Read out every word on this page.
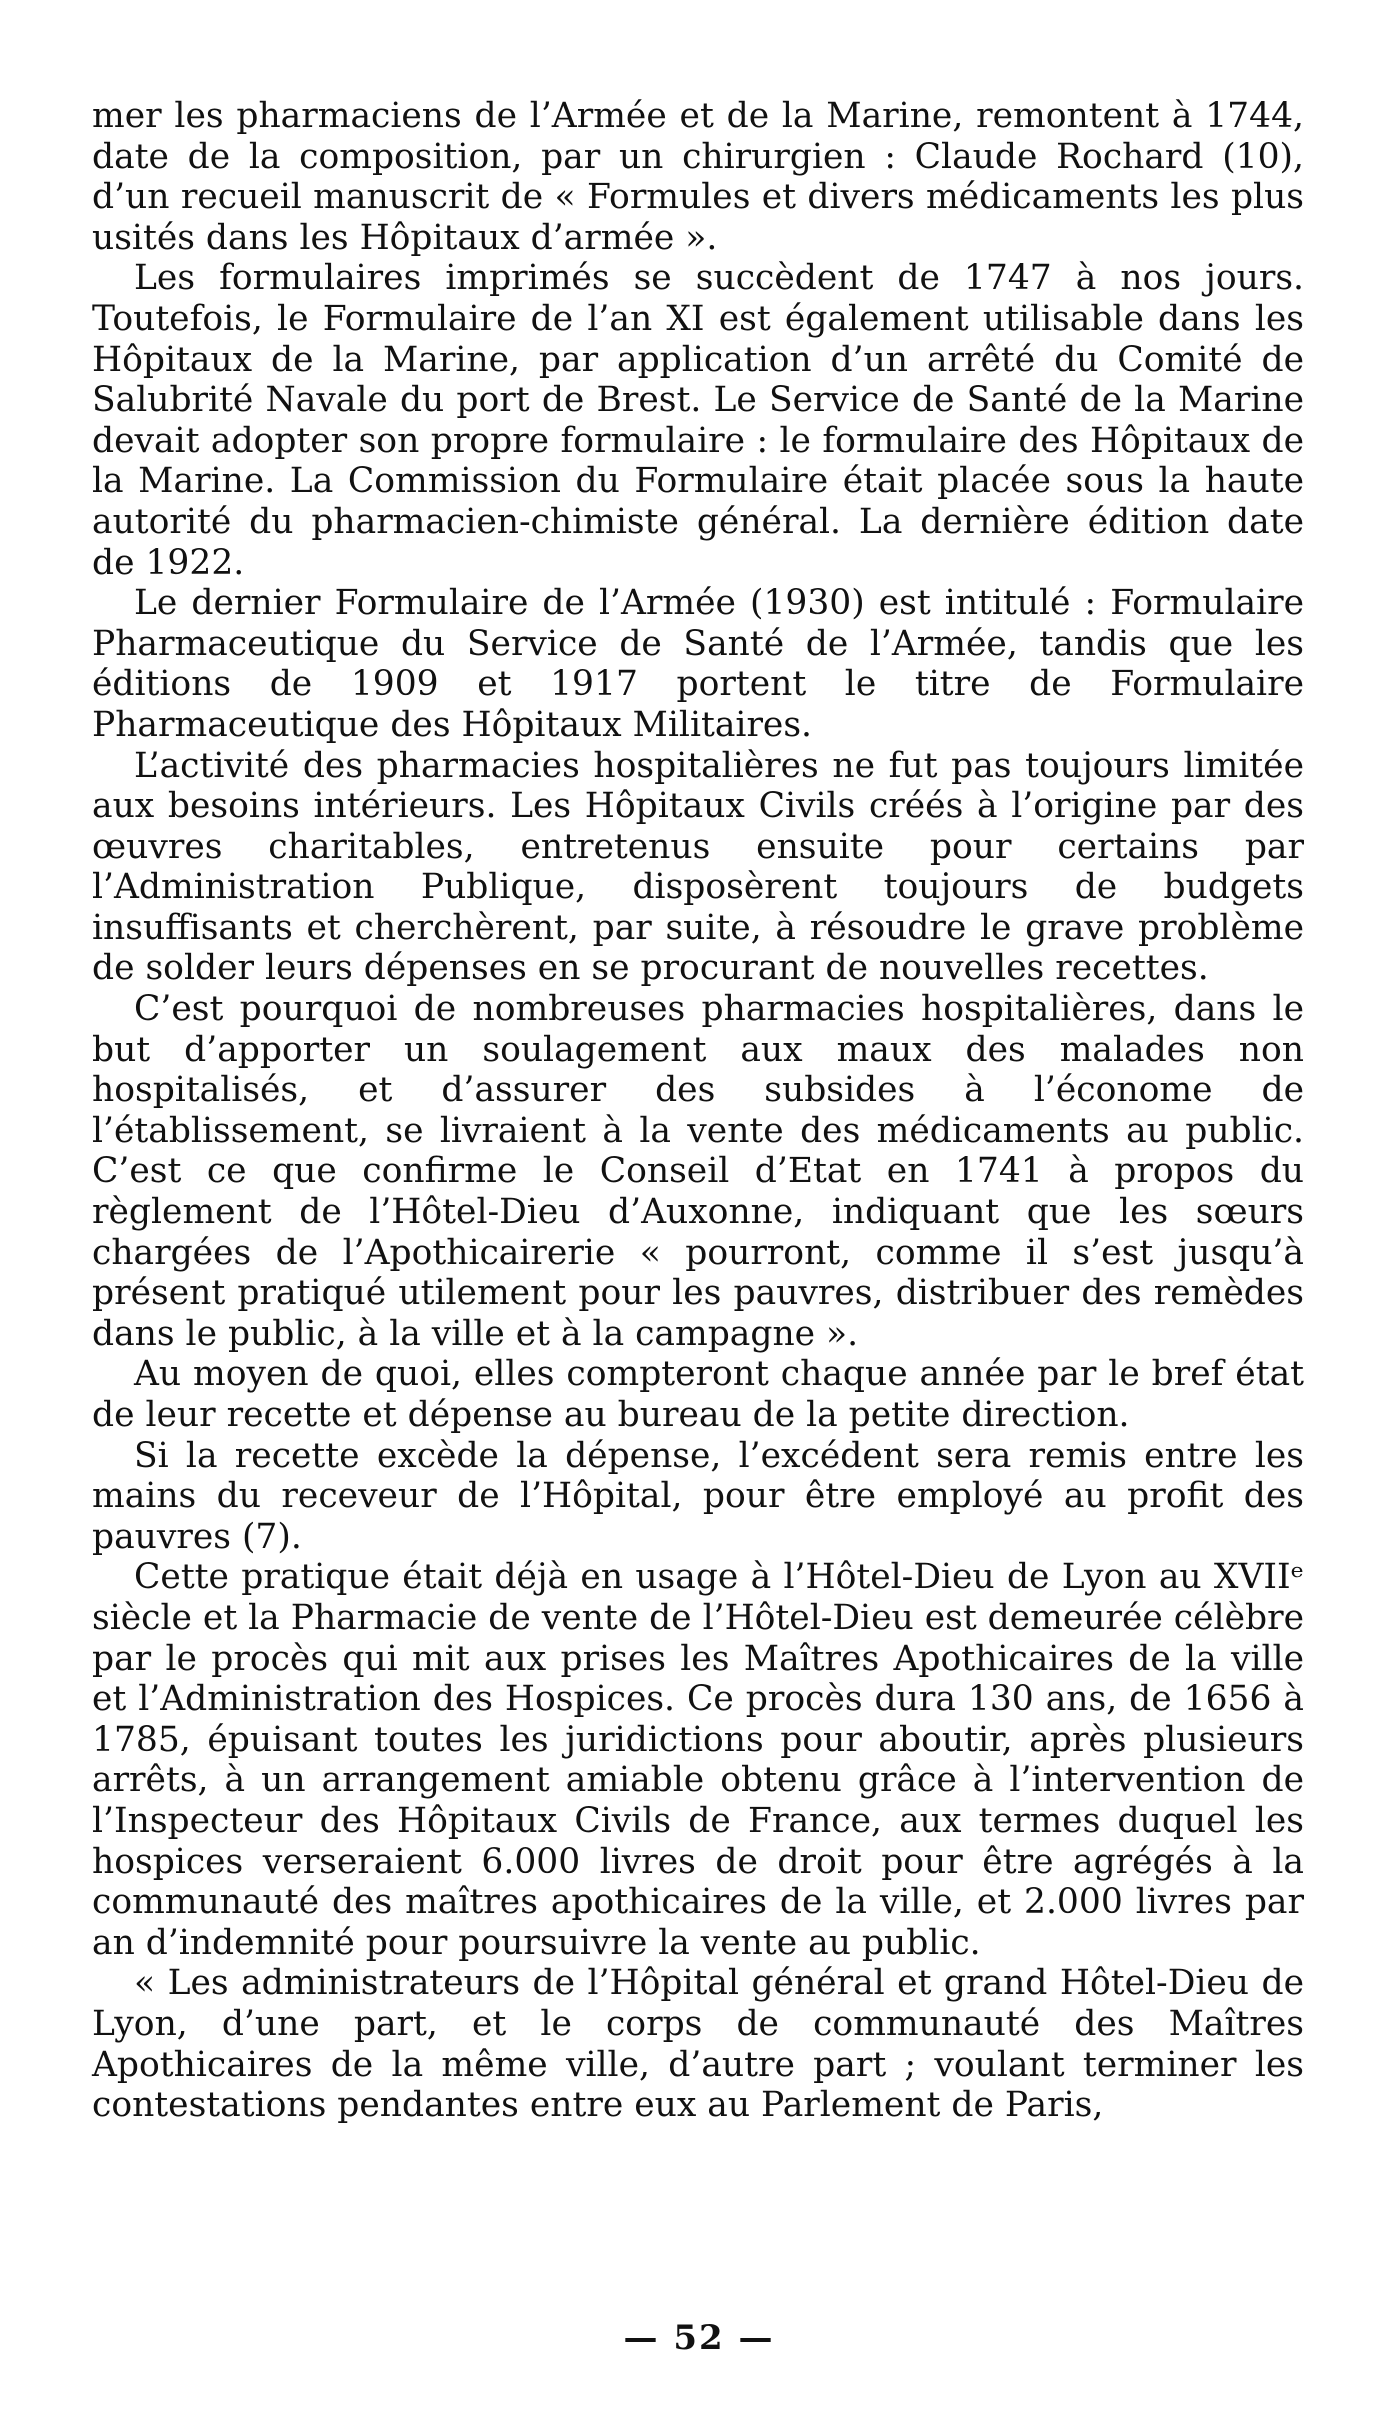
mer les pharmaciens de l’Armée et de la Marine, remontent à 1744, date de la composition, par un chirurgien : Claude Rochard (10), d’un recueil manuscrit de « Formules et divers médicaments les plus usités dans les Hôpitaux d’armée ».

Les formulaires imprimés se succèdent de 1747 à nos jours. Toutefois, le Formulaire de l’an XI est également utilisable dans les Hôpitaux de la Marine, par application d’un arrêté du Comité de Salubrité Navale du port de Brest. Le Service de Santé de la Marine devait adopter son propre formulaire : le formulaire des Hôpitaux de la Marine. La Commission du Formulaire était placée sous la haute autorité du pharmacien-chimiste général. La dernière édition date de 1922.

Le dernier Formulaire de l’Armée (1930) est intitulé : Formulaire Pharmaceutique du Service de Santé de l’Armée, tandis que les éditions de 1909 et 1917 portent le titre de Formulaire Pharmaceutique des Hôpitaux Militaires.

L’activité des pharmacies hospitalières ne fut pas toujours limitée aux besoins intérieurs. Les Hôpitaux Civils créés à l’origine par des œuvres charitables, entretenus ensuite pour certains par l’Administration Publique, disposèrent toujours de budgets insuffisants et cherchèrent, par suite, à résoudre le grave problème de solder leurs dépenses en se procurant de nouvelles recettes.

C’est pourquoi de nombreuses pharmacies hospitalières, dans le but d’apporter un soulagement aux maux des malades non hospitalisés, et d’assurer des subsides à l’économe de l’établissement, se livraient à la vente des médicaments au public. C’est ce que confirme le Conseil d’Etat en 1741 à propos du règlement de l’Hôtel-Dieu d’Auxonne, indiquant que les sœurs chargées de l’Apothicairerie « pourront, comme il s’est jusqu’à présent pratiqué utilement pour les pauvres, distribuer des remèdes dans le public, à la ville et à la campagne ».

Au moyen de quoi, elles compteront chaque année par le bref état de leur recette et dépense au bureau de la petite direction.

Si la recette excède la dépense, l’excédent sera remis entre les mains du receveur de l’Hôpital, pour être employé au profit des pauvres (7).

Cette pratique était déjà en usage à l’Hôtel-Dieu de Lyon au XVIIᵉ siècle et la Pharmacie de vente de l’Hôtel-Dieu est demeurée célèbre par le procès qui mit aux prises les Maîtres Apothicaires de la ville et l’Administration des Hospices. Ce procès dura 130 ans, de 1656 à 1785, épuisant toutes les juridictions pour aboutir, après plusieurs arrêts, à un arrangement amiable obtenu grâce à l’intervention de l’Inspecteur des Hôpitaux Civils de France, aux termes duquel les hospices verseraient 6.000 livres de droit pour être agrégés à la communauté des maîtres apothicaires de la ville, et 2.000 livres par an d’indemnité pour poursuivre la vente au public.

« Les administrateurs de l’Hôpital général et grand Hôtel-Dieu de Lyon, d’une part, et le corps de communauté des Maîtres Apothicaires de la même ville, d’autre part ; voulant terminer les contestations pendantes entre eux au Parlement de Paris,

— 52 —
